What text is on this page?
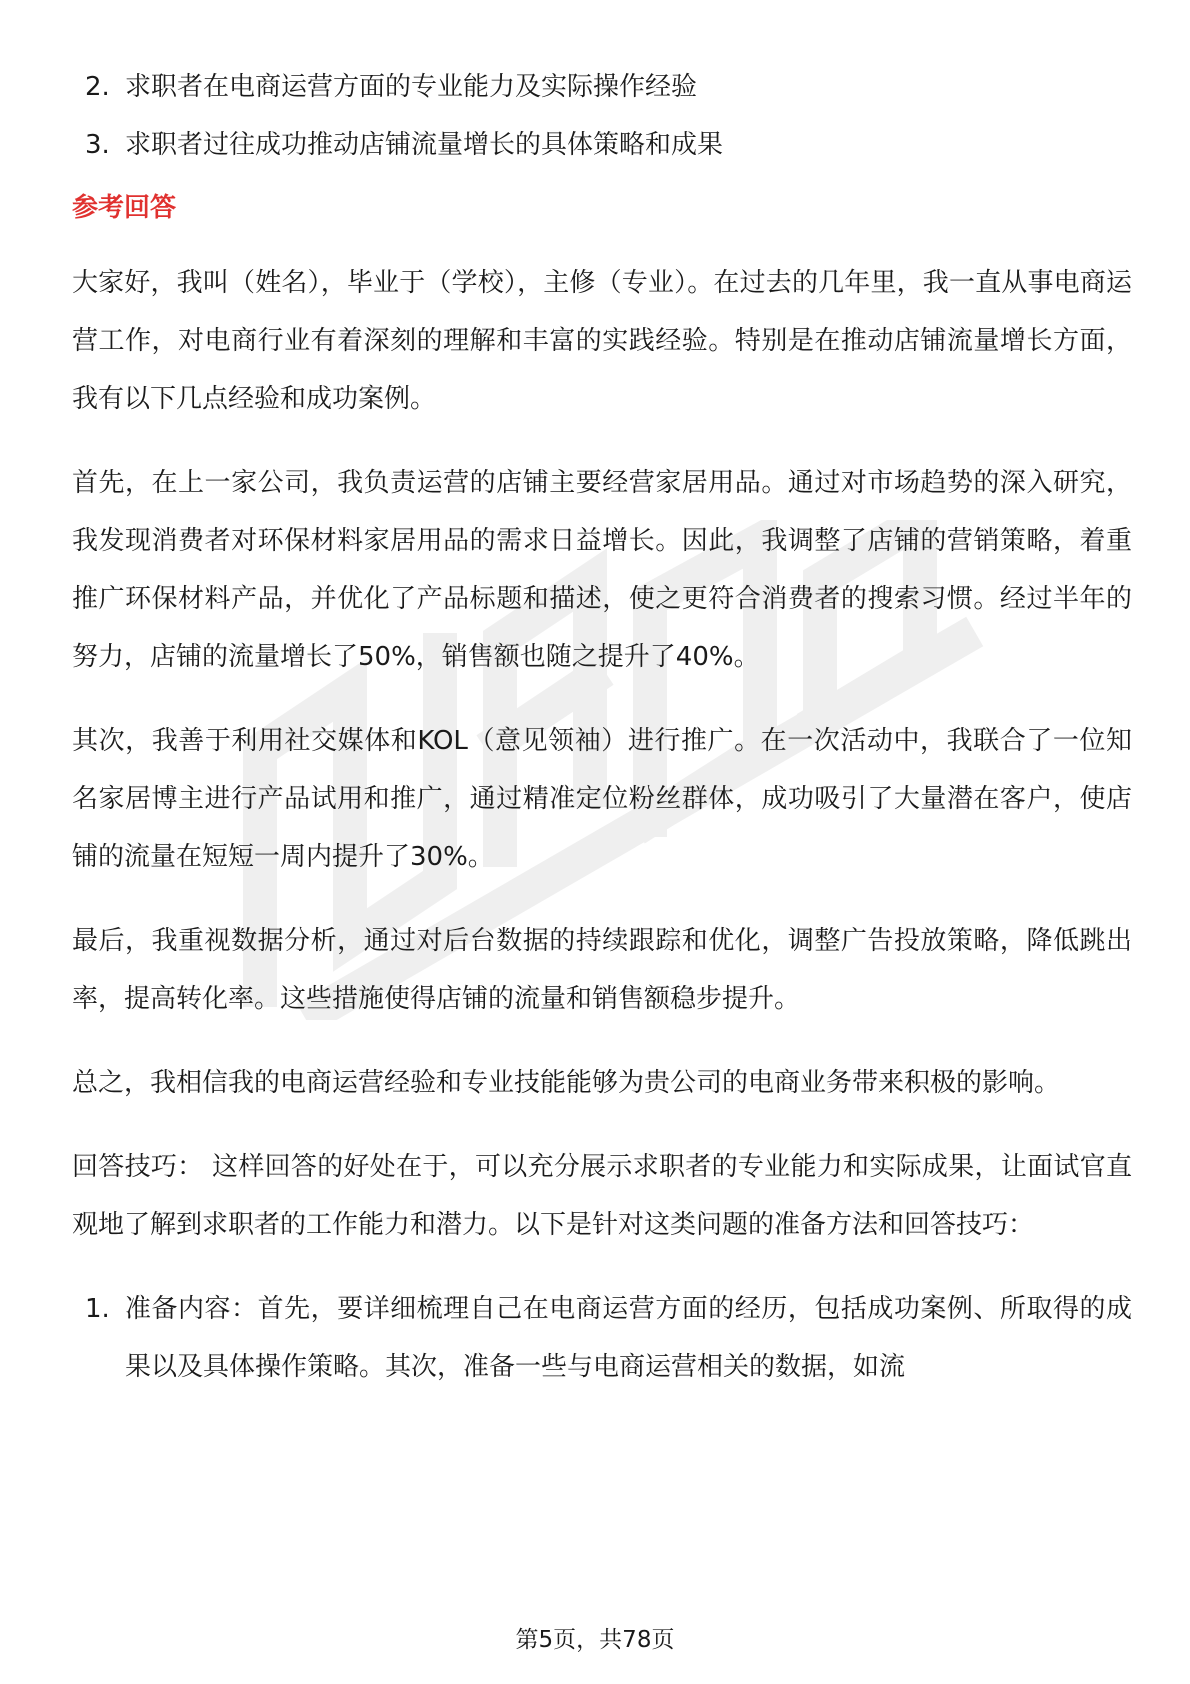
2. 求职者在电商运营方面的专业能力及实际操作经验
3. 求职者过往成功推动店铺流量增长的具体策略和成果
参考回答

大家好，我叫（姓名），毕业于（学校），主修（专业）。在过去的几年里，我一直从事电商运营工作，对电商行业有着深刻的理解和丰富的实践经验。特别是在推动店铺流量增长方面，我有以下几点经验和成功案例。

首先，在上一家公司，我负责运营的店铺主要经营家居用品。通过对市场趋势的深入研究，我发现消费者对环保材料家居用品的需求日益增长。因此，我调整了店铺的营销策略，着重推广环保材料产品，并优化了产品标题和描述，使之更符合消费者的搜索习惯。经过半年的努力，店铺的流量增长了50%，销售额也随之提升了40%。

其次，我善于利用社交媒体和KOL（意见领袖）进行推广。在一次活动中，我联合了一位知名家居博主进行产品试用和推广，通过精准定位粉丝群体，成功吸引了大量潜在客户，使店铺的流量在短短一周内提升了30%。

最后，我重视数据分析，通过对后台数据的持续跟踪和优化，调整广告投放策略，降低跳出率，提高转化率。这些措施使得店铺的流量和销售额稳步提升。

总之，我相信我的电商运营经验和专业技能能够为贵公司的电商业务带来积极的影响。

回答技巧： 这样回答的好处在于，可以充分展示求职者的专业能力和实际成果，让面试官直观地了解到求职者的工作能力和潜力。以下是针对这类问题的准备方法和回答技巧：

1. 准备内容：首先，要详细梳理自己在电商运营方面的经历，包括成功案例、所取得的成果以及具体操作策略。其次，准备一些与电商运营相关的数据，如流
第5页，共78页
